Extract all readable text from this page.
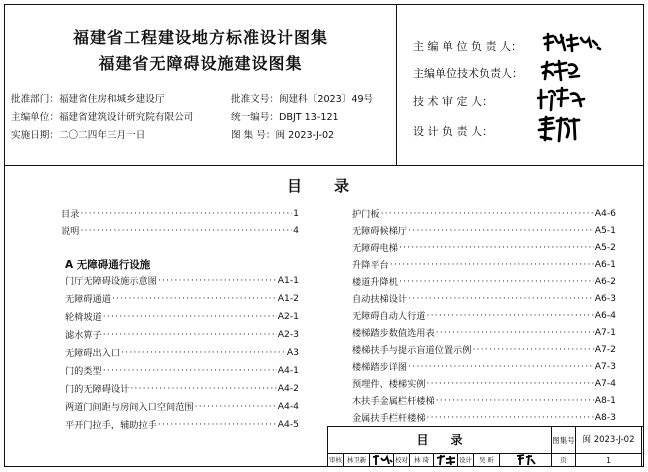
福建省工程建设地方标准设计图集
福建省无障碍设施建设图集
批准部门：福建省住房和城乡建设厅	批准文号：闽建科〔2023〕49号
主编单位：福建省建筑设计研究院有限公司	统一编号：DBJT 13-121
实施日期：二〇二四年三月一日	图 集 号：闽 2023-J-02
主 编 单 位 负 责 人：
主编单位技术负责人：
技 术 审 定 人：
设 计 负 责 人：
目 录
目录 ·····	1
说明 ·····	4
A 无障碍通行设施
门厅无障碍设施示意图 ·····	A1-1
无障碍通道 ·····	A1-2
轮椅坡道 ·····	A2-1
滤水箅子 ·····	A2-3
无障碍出入口 ·····	A3
门的类型 ·····	A4-1
门的无障碍设计 ·····	A4-2
两道门间距与房间入口空间范围 ·····	A4-4
平开门拉手，辅助拉手 ·····	A4-5
护门板 ·····	A4-6
无障碍候梯厅 ·····	A5-1
无障碍电梯 ·····	A5-2
升降平台 ·····	A6-1
楼道升降机 ·····	A6-2
自动扶梯设计 ·····	A6-3
无障碍自动人行道 ·····	A6-4
楼梯踏步数值选用表 ·····	A7-1
楼梯扶手与提示盲道位置示例 ·····	A7-2
楼梯踏步详图 ·····	A7-3
预埋件、楼梯实例 ·····	A7-4
木扶手金属栏杆楼梯 ·····	A8-1
金属扶手栏杆楼梯 ·····	A8-3
目 录	图集号 闽 2023-J-02
审核 林卫新	校对 林 琦	设计	吴 昕	页	1
